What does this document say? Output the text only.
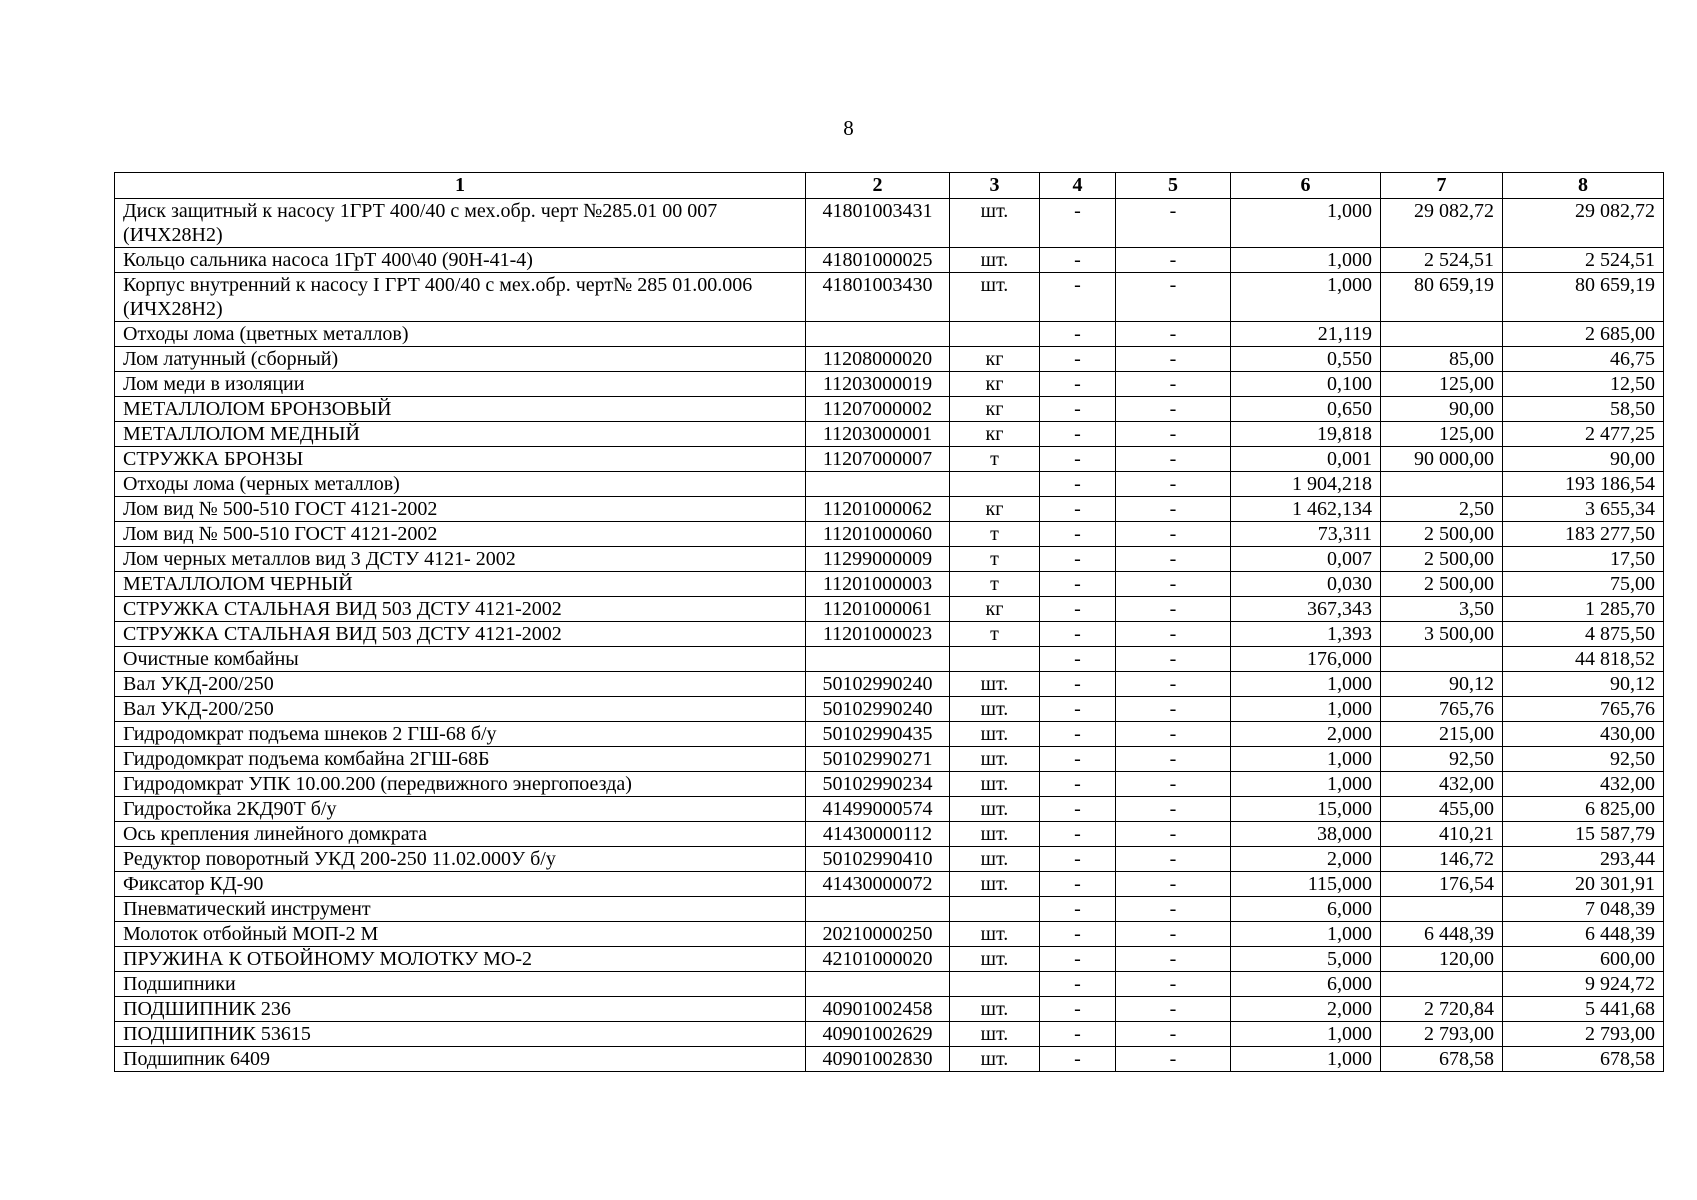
8
1	2	3	4	5	6	7	8
Диск защитный к насосу 1ГРТ 400/40 с мех.обр. черт №285.01 00 007 (ИЧХ28Н2)	41801003431	шт.	-	-	1,000	29 082,72	29 082,72
Кольцо сальника насоса 1ГрТ 400\40 (90Н-41-4)	41801000025	шт.	-	-	1,000	2 524,51	2 524,51
Корпус внутренний к насосу I ГРТ 400/40 с мех.обр. черт№ 285 01.00.006 (ИЧХ28Н2)	41801003430	шт.	-	-	1,000	80 659,19	80 659,19
Отходы лома (цветных металлов)			-	-	21,119		2 685,00
Лом латунный (сборный)	11208000020	кг	-	-	0,550	85,00	46,75
Лом меди в изоляции	11203000019	кг	-	-	0,100	125,00	12,50
МЕТАЛЛОЛОМ БРОНЗОВЫЙ	11207000002	кг	-	-	0,650	90,00	58,50
МЕТАЛЛОЛОМ МЕДНЫЙ	11203000001	кг	-	-	19,818	125,00	2 477,25
СТРУЖКА БРОНЗЫ	11207000007	т	-	-	0,001	90 000,00	90,00
Отходы лома (черных металлов)			-	-	1 904,218		193 186,54
Лом вид № 500-510 ГОСТ 4121-2002	11201000062	кг	-	-	1 462,134	2,50	3 655,34
Лом вид № 500-510 ГОСТ 4121-2002	11201000060	т	-	-	73,311	2 500,00	183 277,50
Лом черных металлов вид 3 ДСТУ 4121- 2002	11299000009	т	-	-	0,007	2 500,00	17,50
МЕТАЛЛОЛОМ ЧЕРНЫЙ	11201000003	т	-	-	0,030	2 500,00	75,00
СТРУЖКА СТАЛЬНАЯ ВИД 503 ДСТУ 4121-2002	11201000061	кг	-	-	367,343	3,50	1 285,70
СТРУЖКА СТАЛЬНАЯ ВИД 503 ДСТУ 4121-2002	11201000023	т	-	-	1,393	3 500,00	4 875,50
Очистные комбайны			-	-	176,000		44 818,52
Вал УКД-200/250	50102990240	шт.	-	-	1,000	90,12	90,12
Вал УКД-200/250	50102990240	шт.	-	-	1,000	765,76	765,76
Гидродомкрат подъема шнеков 2 ГШ-68 б/у	50102990435	шт.	-	-	2,000	215,00	430,00
Гидродомкрат подъема комбайна 2ГШ-68Б	50102990271	шт.	-	-	1,000	92,50	92,50
Гидродомкрат УПК 10.00.200 (передвижного энергопоезда)	50102990234	шт.	-	-	1,000	432,00	432,00
Гидростойка 2КД90Т б/у	41499000574	шт.	-	-	15,000	455,00	6 825,00
Ось крепления линейного домкрата	41430000112	шт.	-	-	38,000	410,21	15 587,79
Редуктор поворотный УКД 200-250 11.02.000У б/у	50102990410	шт.	-	-	2,000	146,72	293,44
Фиксатор КД-90	41430000072	шт.	-	-	115,000	176,54	20 301,91
Пневматический инструмент			-	-	6,000		7 048,39
Молоток отбойный МОП-2 М	20210000250	шт.	-	-	1,000	6 448,39	6 448,39
ПРУЖИНА К ОТБОЙНОМУ МОЛОТКУ МО-2	42101000020	шт.	-	-	5,000	120,00	600,00
Подшипники			-	-	6,000		9 924,72
ПОДШИПНИК 236	40901002458	шт.	-	-	2,000	2 720,84	5 441,68
ПОДШИПНИК 53615	40901002629	шт.	-	-	1,000	2 793,00	2 793,00
Подшипник 6409	40901002830	шт.	-	-	1,000	678,58	678,58
